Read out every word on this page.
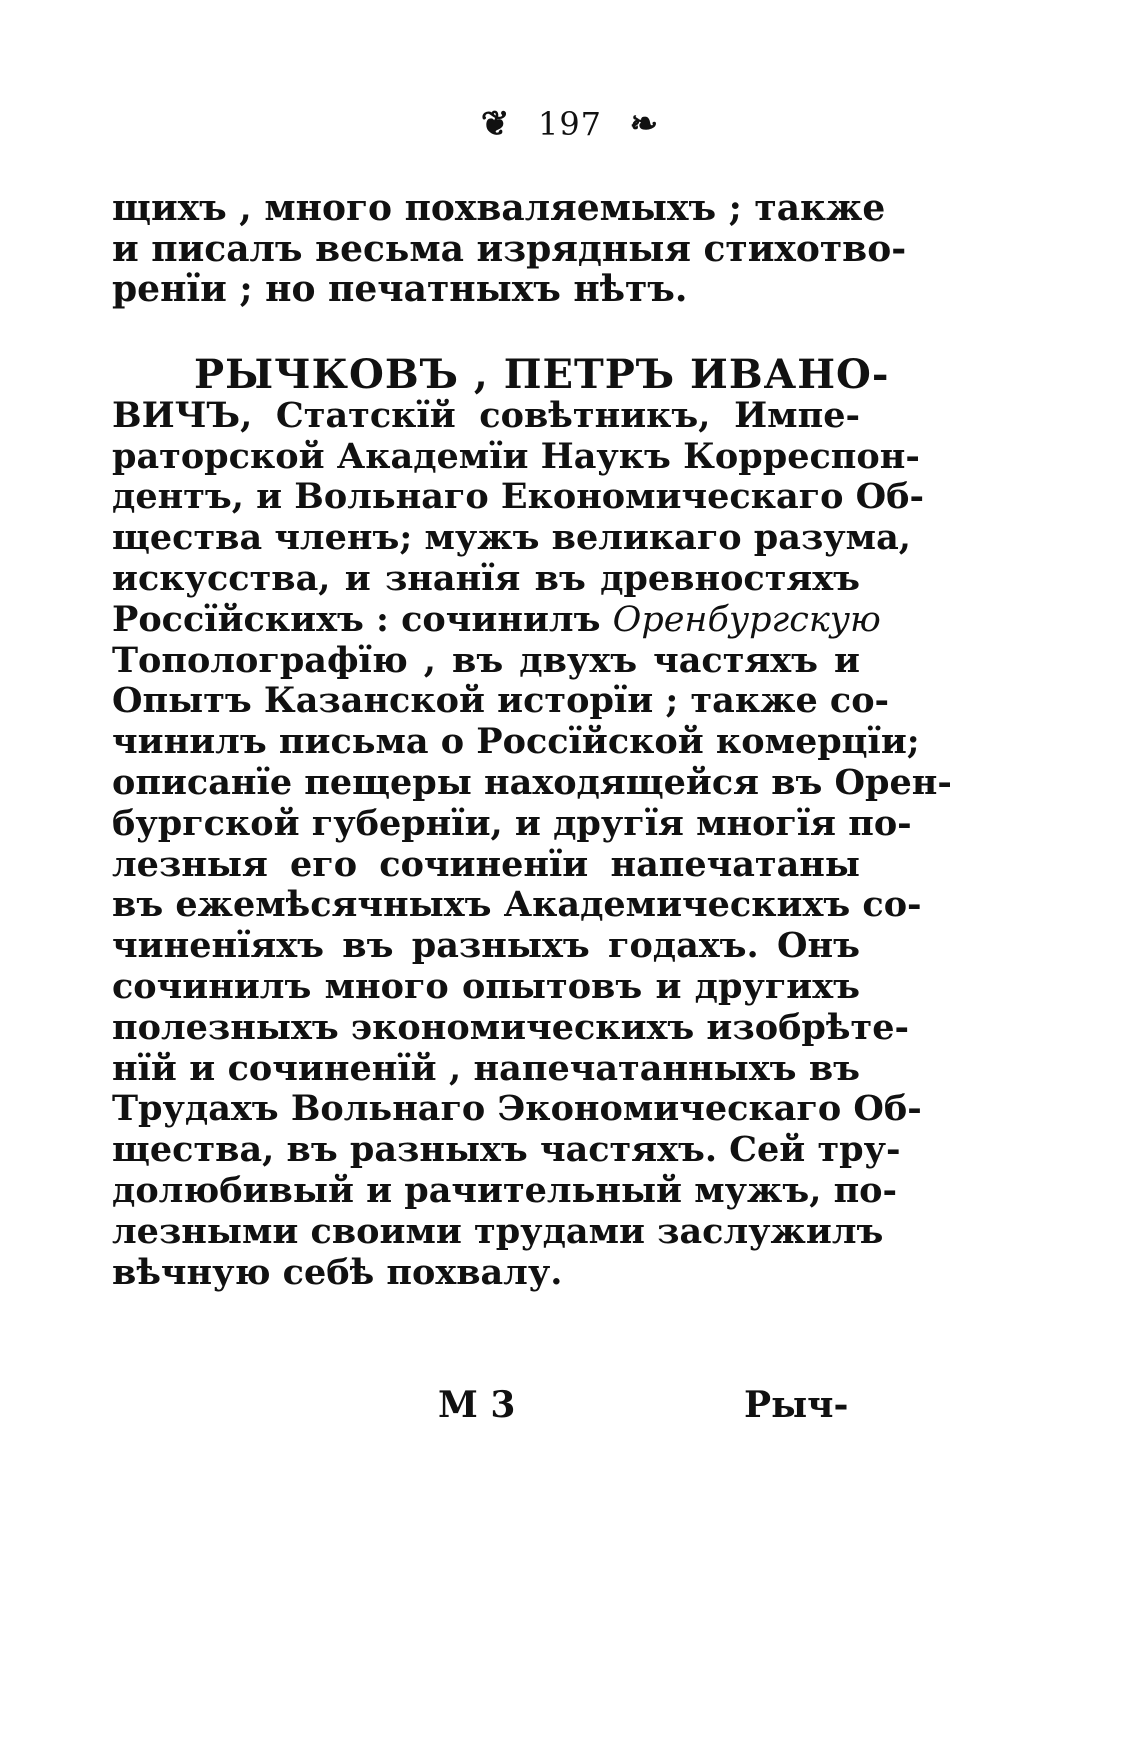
❦ 197 ❧
щихъ , много похваляемыхъ ; также
и писалъ весьма изрядныя стихотво-
ренїи ; но печатныхъ нѣтъ.
РЫЧКОВЪ , ПЕТРЪ ИВАНО-
ВИЧЪ, Статскїй совѣтникъ, Импе-
раторской Академїи Наукъ Корреспон-
дентъ, и Вольнаго Економическаго Об-
щества членъ; мужъ великаго разума,
искусства, и знанїя въ древностяхъ
Россїйскихъ : сочинилъ Оренбургскую
Тополографїю , въ двухъ частяхъ и
Опытъ Казанской исторїи ; также со-
чинилъ письма о Россїйской комерцїи;
описанїе пещеры находящейся въ Орен-
бургской губернїи, и другїя многїя по-
лезныя его сочиненїи напечатаны
въ ежемѣсячныхъ Академическихъ со-
чиненїяхъ въ разныхъ годахъ. Онъ
сочинилъ много опытовъ и другихъ
полезныхъ экономическихъ изобрѣте-
нїй и сочиненїй , напечатанныхъ въ
Трудахъ Вольнаго Экономическаго Об-
щества, въ разныхъ частяхъ. Сей тру-
долюбивый и рачительный мужъ, по-
лезными своими трудами заслужилъ
вѣчную себѣ похвалу.
М 3	Рыч-
